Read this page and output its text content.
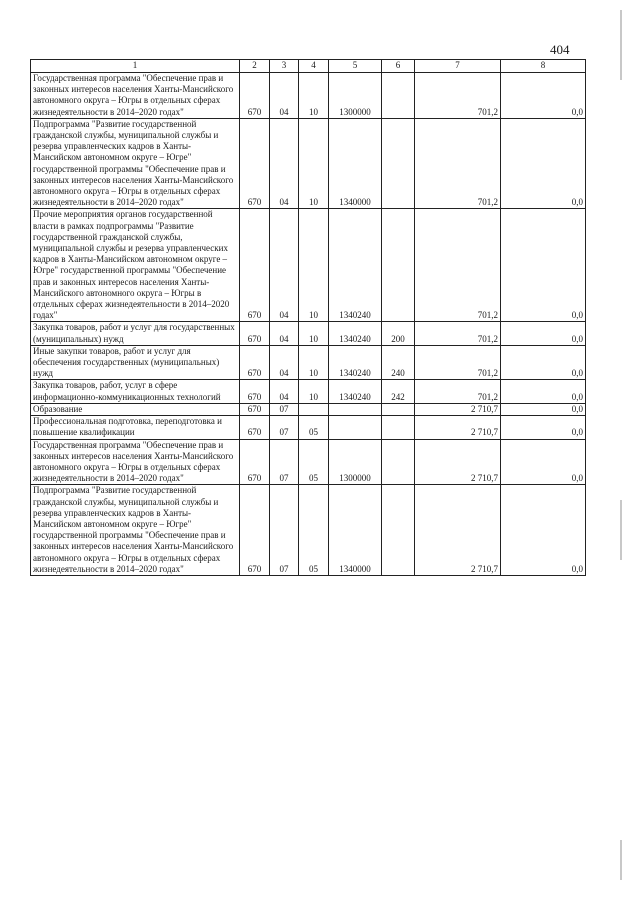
404
1	2	3	4	5	6	7	8
Государственная программа "Обеспечение прав и законных интересов населения Ханты-Мансийского автономного округа – Югры в отдельных сферах жизнедеятельности в 2014–2020 годах"	670	04	10	1300000		701,2	0,0
Подпрограмма "Развитие государственной гражданской службы, муниципальной службы и резерва управленческих кадров в Ханты-Мансийском автономном округе – Югре" государственной программы "Обеспечение прав и законных интересов населения Ханты-Мансийского автономного округа – Югры в отдельных сферах жизнедеятельности в 2014–2020 годах"	670	04	10	1340000		701,2	0,0
Прочие мероприятия органов государственной власти в рамках подпрограммы "Развитие государственной гражданской службы, муниципальной службы и резерва управленческих кадров в Ханты-Мансийском автономном округе – Югре" государственной программы "Обеспечение прав и законных интересов населения Ханты-Мансийского автономного округа – Югры в отдельных сферах жизнедеятельности в 2014–2020 годах"	670	04	10	1340240		701,2	0,0
Закупка товаров, работ и услуг для государственных (муниципальных) нужд	670	04	10	1340240	200	701,2	0,0
Иные закупки товаров, работ и услуг для обеспечения государственных (муниципальных) нужд	670	04	10	1340240	240	701,2	0,0
Закупка товаров, работ, услуг в сфере информационно-коммуникационных технологий	670	04	10	1340240	242	701,2	0,0
Образование	670	07				2 710,7	0,0
Профессиональная подготовка, переподготовка и повышение квалификации	670	07	05			2 710,7	0,0
Государственная программа "Обеспечение прав и законных интересов населения Ханты-Мансийского автономного округа – Югры в отдельных сферах жизнедеятельности в 2014–2020 годах"	670	07	05	1300000		2 710,7	0,0
Подпрограмма "Развитие государственной гражданской службы, муниципальной службы и резерва управленческих кадров в Ханты-Мансийском автономном округе – Югре" государственной программы "Обеспечение прав и законных интересов населения Ханты-Мансийского автономного округа – Югры в отдельных сферах жизнедеятельности в 2014–2020 годах"	670	07	05	1340000		2 710,7	0,0
